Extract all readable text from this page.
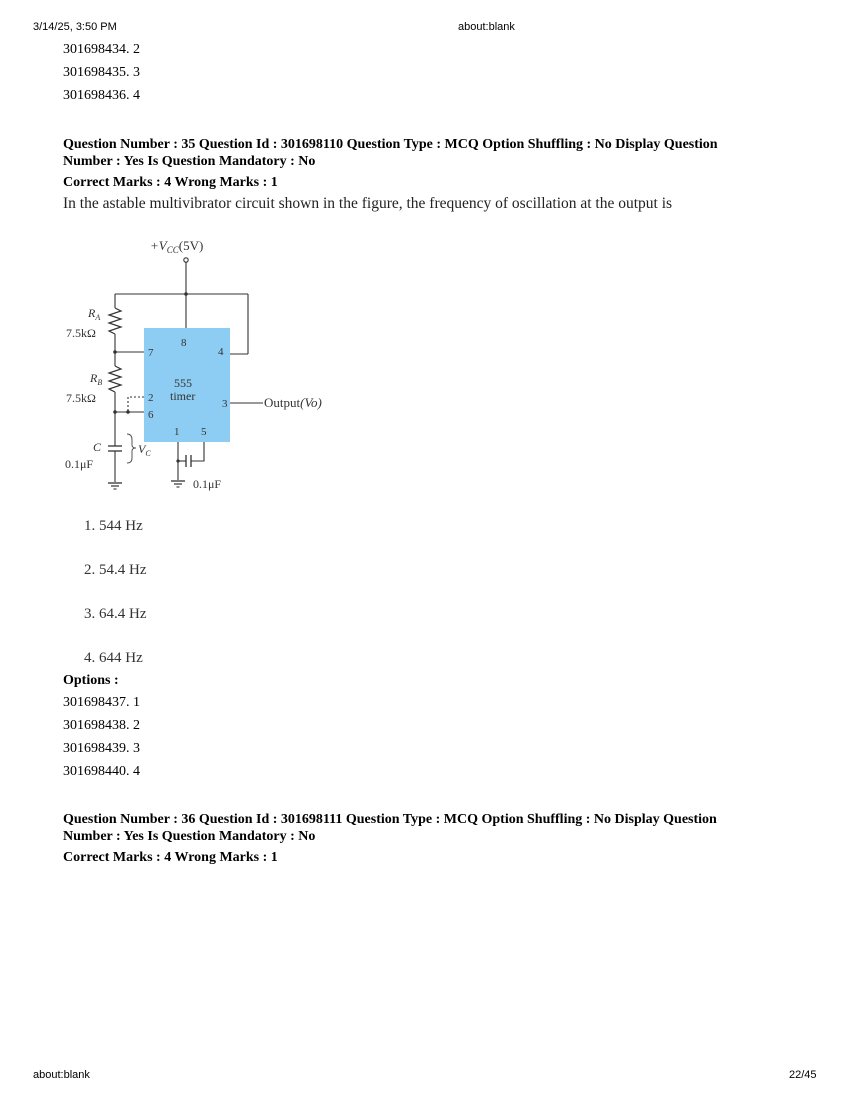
3/14/25, 3:50 PM	about:blank
301698434. 2
301698435. 3
301698436. 4
Question Number : 35 Question Id : 301698110 Question Type : MCQ Option Shuffling : No Display Question
Number : Yes Is Question Mandatory : No
Correct Marks : 4 Wrong Marks : 1
In the astable multivibrator circuit shown in the figure, the frequency of oscillation at the output is
$+V_{CC}(5V)$
$R_A$
7.5kΩ
$R_B$
7.5kΩ
C
0.1μF
$V_C$
8
4
7
2
6
3
1 5
555
timer	Output(Vo)
0.1μF
1. 544 Hz
2. 54.4 Hz
3. 64.4 Hz
4. 644 Hz
Options :
301698437. 1
301698438. 2
301698439. 3
301698440. 4
Question Number : 36 Question Id : 301698111 Question Type : MCQ Option Shuffling : No Display Question
Number : Yes Is Question Mandatory : No
Correct Marks : 4 Wrong Marks : 1
about:blank	22/45
